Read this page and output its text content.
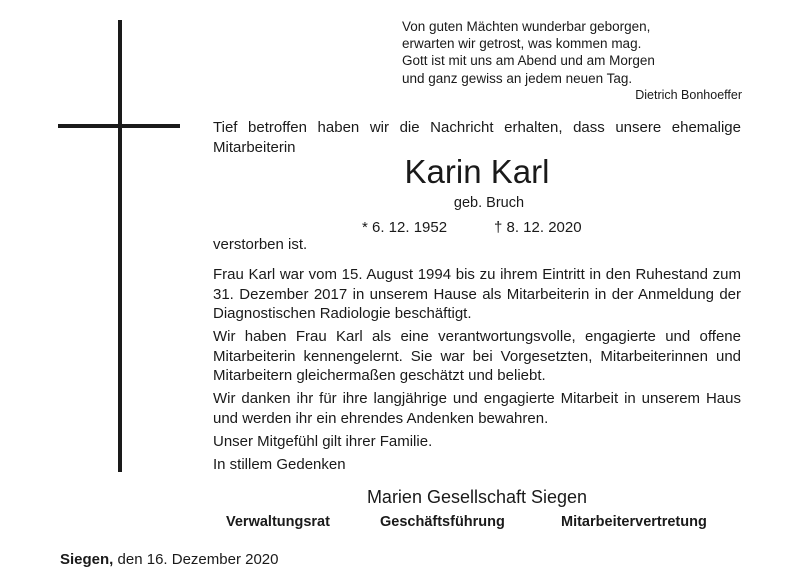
Von guten Mächten wunderbar geborgen,
erwarten wir getrost, was kommen mag.
Gott ist mit uns am Abend und am Morgen
und ganz gewiss an jedem neuen Tag.
Dietrich Bonhoeffer
Tief betroffen haben wir die Nachricht erhalten, dass unsere ehemalige Mitarbeiterin
Karin Karl
geb. Bruch
* 6. 12. 1952	† 8. 12. 2020
verstorben ist.
Frau Karl war vom 15. August 1994 bis zu ihrem Eintritt in den Ruhestand zum 31. Dezember 2017 in unserem Hause als Mitarbeiterin in der Anmeldung der Diagnostischen Radiologie beschäftigt.
Wir haben Frau Karl als eine verantwortungsvolle, engagierte und offene Mitarbeiterin kennengelernt. Sie war bei Vorgesetzten, Mitarbeiterinnen und Mitarbeitern gleichermaßen geschätzt und beliebt.
Wir danken ihr für ihre langjährige und engagierte Mitarbeit in unserem Haus und werden ihr ein ehrendes Andenken bewahren.
Unser Mitgefühl gilt ihrer Familie.
In stillem Gedenken
Marien Gesellschaft Siegen
Verwaltungsrat	Geschäftsführung	Mitarbeitervertretung
Siegen, den 16. Dezember 2020
